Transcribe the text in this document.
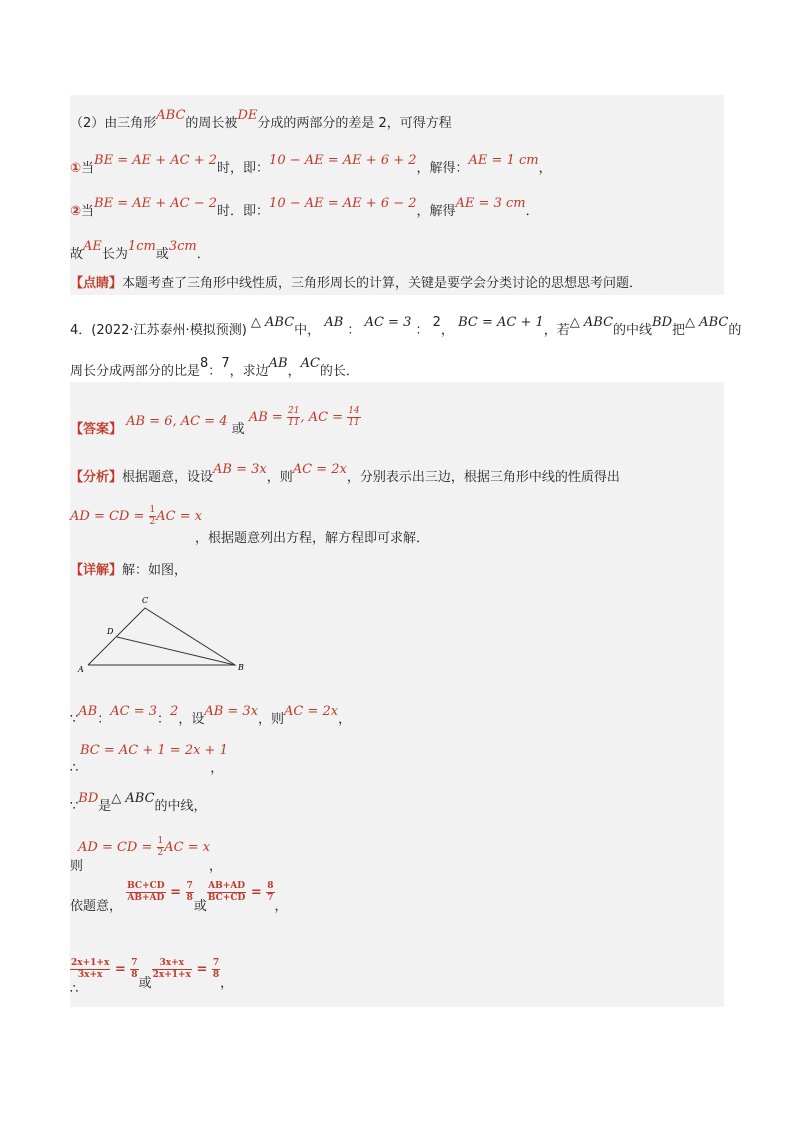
（2）由三角形ABC的周长被DE分成的两部分的差是 2，可得方程
①当BE = AE + AC + 2时，即：10 − AE = AE + 6 + 2，解得：AE = 1 cm，
②当BE = AE + AC − 2时．即：10 − AE = AE + 6 − 2，解得AE = 3 cm．
故AE长为1cm或3cm．
【点睛】本题考查了三角形中线性质，三角形周长的计算，关键是要学会分类讨论的思想思考问题．
4．(2022·江苏泰州·模拟预测) △ ABC中， AB ： AC = 3 ： 2， BC = AC + 1，若△ ABC的中线BD把△ ABC的
周长分成两部分的比是8：7，求边AB，AC的长．
【答案】 AB = 6, AC = 4 或 AB = $\frac{21}{11}$ , AC = $\frac{14}{11}$
【分析】根据题意，设设AB = 3x，则AC = 2x，分别表示出三边，根据三角形中线的性质得出
AD = CD = $\frac{1}{2}$ AC = x
，根据题意列出方程，解方程即可求解．
【详解】解：如图，
A	B
C
D
∵AB：AC = 3：2，设AB = 3x，则AC = 2x，
BC = AC + 1 = 2x + 1
∴	，
∵BD是△ ABC的中线，
AD = CD = $\frac{1}{2}$ AC = x
则	，
依题意，
$\frac{BC+CD}{AB+AD} = \frac{7}{8}$
或
$\frac{AB+AD}{BC+CD} = \frac{8}{7}$
，
$\frac{2x+1+x}{3x+x} = \frac{7}{8}$
或
$\frac{3x+x}{2x+1+x} = \frac{7}{8}$
，
∴
